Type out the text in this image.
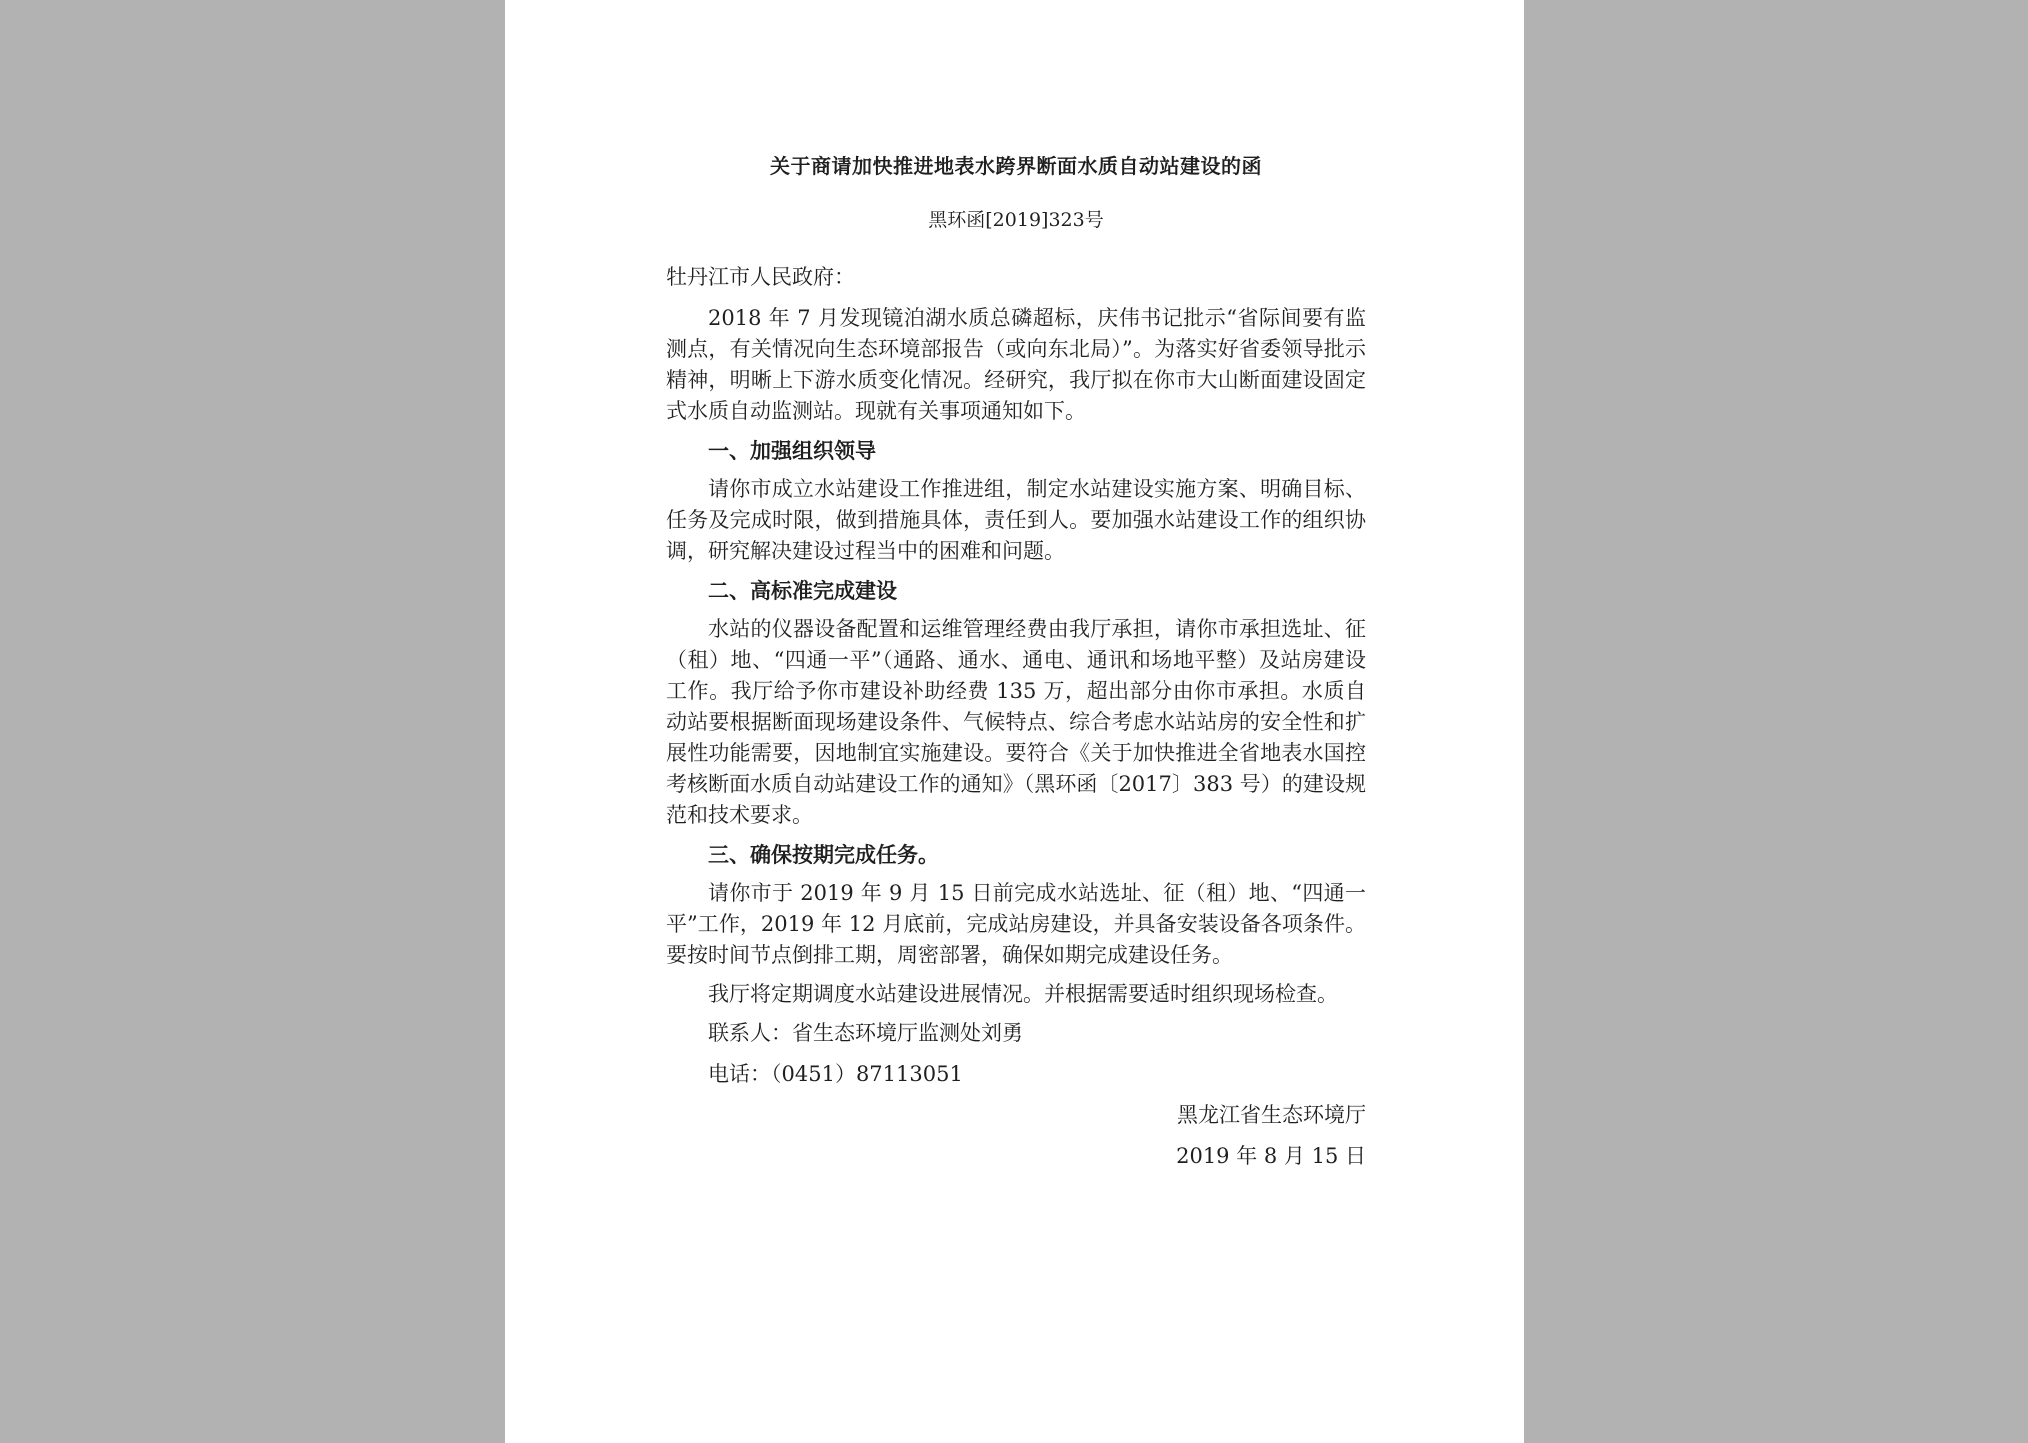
关于商请加快推进地表水跨界断面水质自动站建设的函

黑环函[2019]323号

牡丹江市人民政府：

2018 年 7 月发现镜泊湖水质总磷超标，庆伟书记批示“省际间要有监测点，有关情况向生态环境部报告（或向东北局）”。为落实好省委领导批示精神，明晰上下游水质变化情况。经研究，我厅拟在你市大山断面建设固定式水质自动监测站。现就有关事项通知如下。

一、加强组织领导

请你市成立水站建设工作推进组，制定水站建设实施方案、明确目标、任务及完成时限，做到措施具体，责任到人。要加强水站建设工作的组织协调，研究解决建设过程当中的困难和问题。

二、高标准完成建设

水站的仪器设备配置和运维管理经费由我厅承担，请你市承担选址、征（租）地、“四通一平”（通路、通水、通电、通讯和场地平整）及站房建设工作。我厅给予你市建设补助经费 135 万，超出部分由你市承担。水质自动站要根据断面现场建设条件、气候特点、综合考虑水站站房的安全性和扩展性功能需要，因地制宜实施建设。要符合《关于加快推进全省地表水国控考核断面水质自动站建设工作的通知》（黑环函〔2017〕383 号）的建设规范和技术要求。

三、确保按期完成任务。

请你市于 2019 年 9 月 15 日前完成水站选址、征（租）地、“四通一平”工作，2019 年 12 月底前，完成站房建设，并具备安装设备各项条件。要按时间节点倒排工期，周密部署，确保如期完成建设任务。

我厅将定期调度水站建设进展情况。并根据需要适时组织现场检查。

联系人：省生态环境厅监测处刘勇

电话：（0451）87113051

黑龙江省生态环境厅

2019 年 8 月 15 日
